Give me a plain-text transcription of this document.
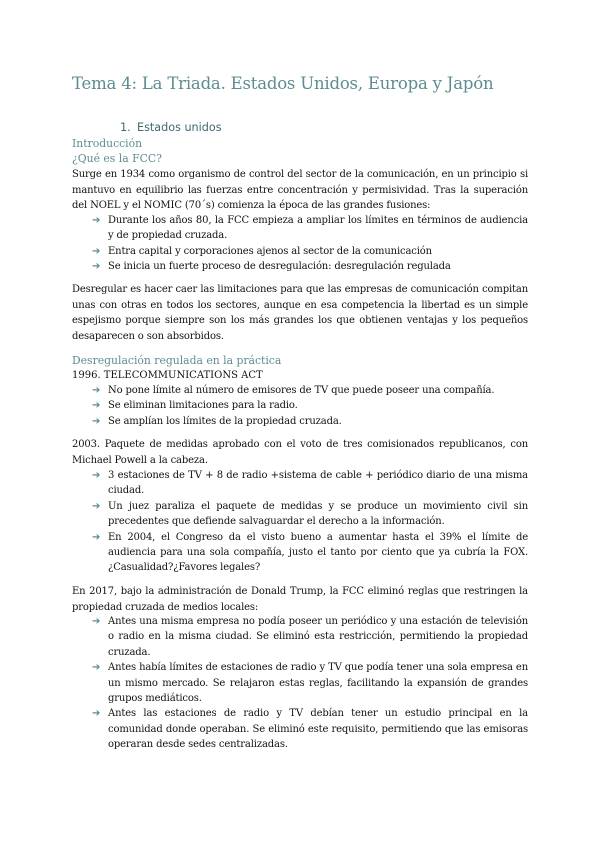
Tema 4: La Triada. Estados Unidos, Europa y Japón
1. Estados unidos
Introducción
¿Qué es la FCC?
Surge en 1934 como organismo de control del sector de la comunicación, en un principio si mantuvo en equilibrio las fuerzas entre concentración y permisividad. Tras la superación del NOEL y el NOMIC (70´s) comienza la época de las grandes fusiones:
➔ Durante los años 80, la FCC empieza a ampliar los límites en términos de audiencia y de propiedad cruzada.
➔ Entra capital y corporaciones ajenos al sector de la comunicación
➔ Se inicia un fuerte proceso de desregulación: desregulación regulada
Desregular es hacer caer las limitaciones para que las empresas de comunicación compitan unas con otras en todos los sectores, aunque en esa competencia la libertad es un simple espejismo porque siempre son los más grandes los que obtienen ventajas y los pequeños desaparecen o son absorbidos.
Desregulación regulada en la práctica
1996. TELECOMMUNICATIONS ACT
➔ No pone límite al número de emisores de TV que puede poseer una compañía.
➔ Se eliminan limitaciones para la radio.
➔ Se amplían los límites de la propiedad cruzada.
2003. Paquete de medidas aprobado con el voto de tres comisionados republicanos, con Michael Powell a la cabeza.
➔ 3 estaciones de TV + 8 de radio +sistema de cable + periódico diario de una misma ciudad.
➔ Un juez paraliza el paquete de medidas y se produce un movimiento civil sin precedentes que defiende salvaguardar el derecho a la información.
➔ En 2004, el Congreso da el visto bueno a aumentar hasta el 39% el límite de audiencia para una sola compañía, justo el tanto por ciento que ya cubría la FOX. ¿Casualidad?¿Favores legales?
En 2017, bajo la administración de Donald Trump, la FCC eliminó reglas que restringen la propiedad cruzada de medios locales:
➔ Antes una misma empresa no podía poseer un periódico y una estación de televisión o radio en la misma ciudad. Se eliminó esta restricción, permitiendo la propiedad cruzada.
➔ Antes había límites de estaciones de radio y TV que podía tener una sola empresa en un mismo mercado. Se relajaron estas reglas, facilitando la expansión de grandes grupos mediáticos.
➔ Antes las estaciones de radio y TV debían tener un estudio principal en la comunidad donde operaban. Se eliminó este requisito, permitiendo que las emisoras operaran desde sedes centralizadas.
